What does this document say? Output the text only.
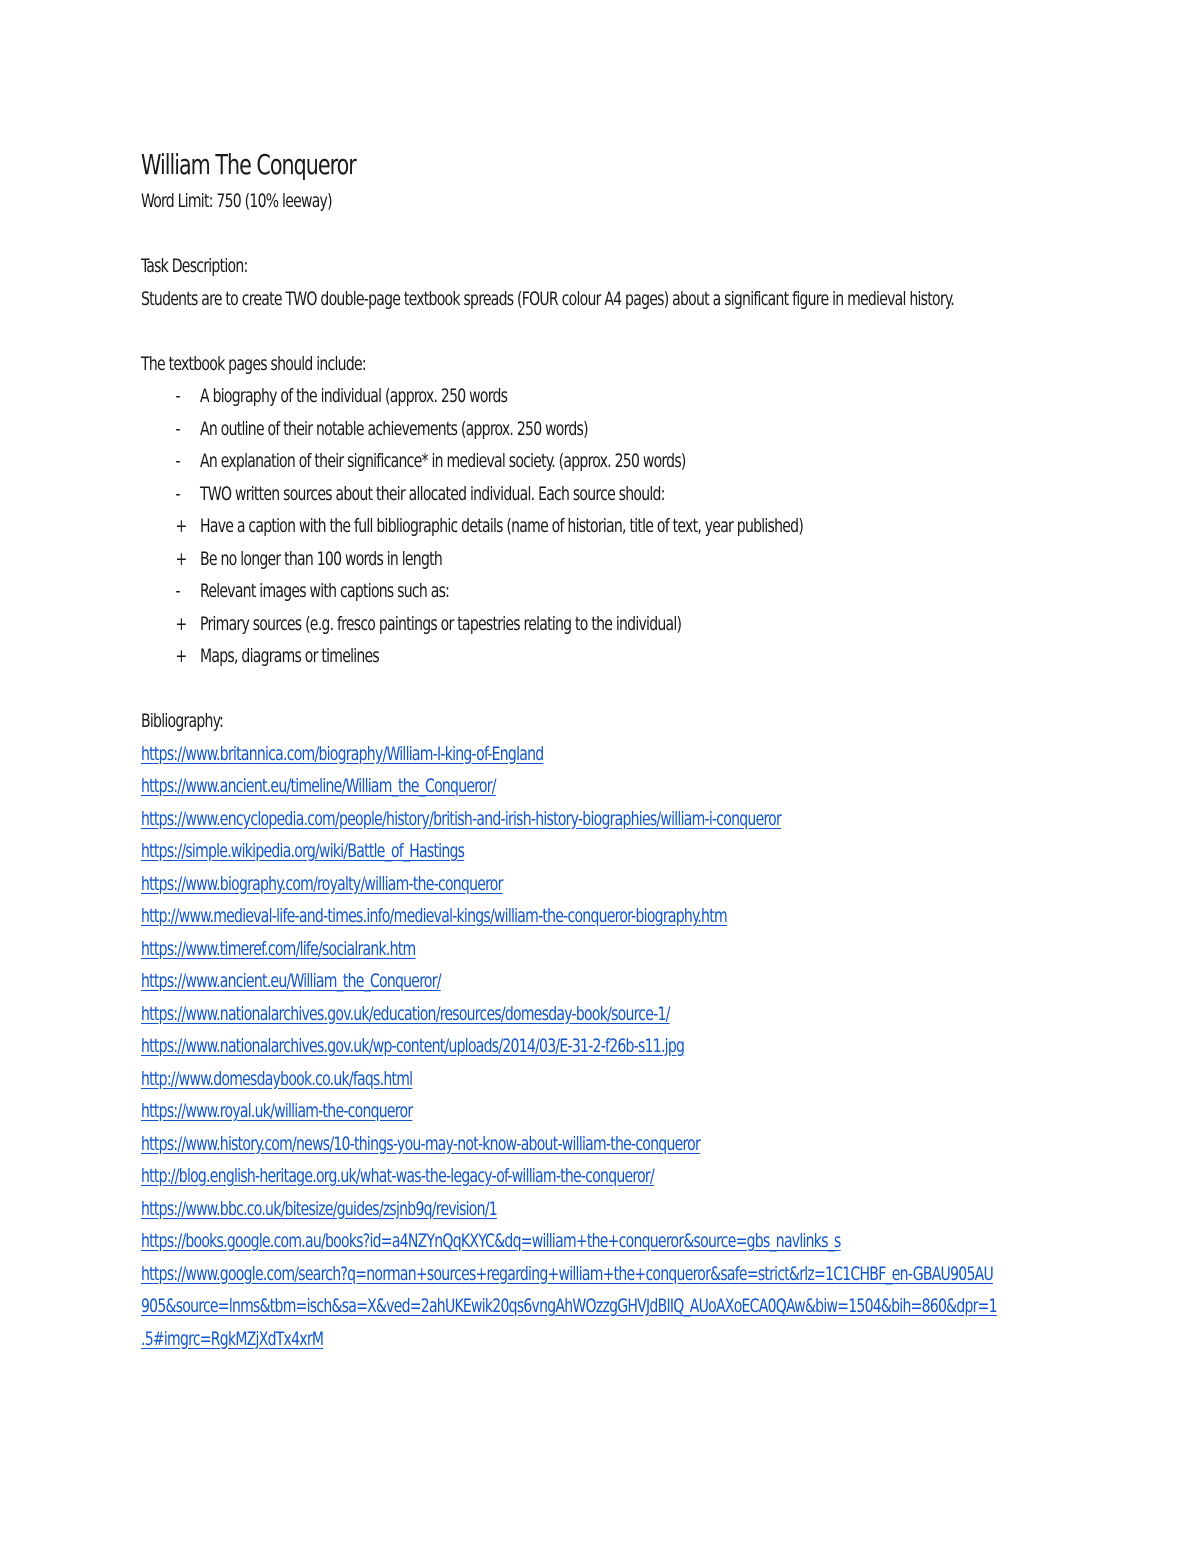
William The Conqueror
Word Limit: 750 (10% leeway)
Task Description:
Students are to create TWO double-page textbook spreads (FOUR colour A4 pages) about a significant figure in medieval history.
The textbook pages should include:
-	A biography of the individual (approx. 250 words
-	An outline of their notable achievements (approx. 250 words)
-	An explanation of their significance* in medieval society. (approx. 250 words)
-	TWO written sources about their allocated individual. Each source should:
+ Have a caption with the full bibliographic details (name of historian, title of text, year published)
+ Be no longer than 100 words in length
-	Relevant images with captions such as:
+ Primary sources (e.g. fresco paintings or tapestries relating to the individual)
+ Maps, diagrams or timelines
Bibliography:
https://www.britannica.com/biography/William-I-king-of-England
https://www.ancient.eu/timeline/William_the_Conqueror/
https://www.encyclopedia.com/people/history/british-and-irish-history-biographies/william-i-conqueror
https://simple.wikipedia.org/wiki/Battle_of_Hastings
https://www.biography.com/royalty/william-the-conqueror
http://www.medieval-life-and-times.info/medieval-kings/william-the-conqueror-biography.htm
https://www.timeref.com/life/socialrank.htm
https://www.ancient.eu/William_the_Conqueror/
https://www.nationalarchives.gov.uk/education/resources/domesday-book/source-1/
https://www.nationalarchives.gov.uk/wp-content/uploads/2014/03/E-31-2-f26b-s11.jpg
http://www.domesdaybook.co.uk/faqs.html
https://www.royal.uk/william-the-conqueror
https://www.history.com/news/10-things-you-may-not-know-about-william-the-conqueror
http://blog.english-heritage.org.uk/what-was-the-legacy-of-william-the-conqueror/
https://www.bbc.co.uk/bitesize/guides/zsjnb9q/revision/1
https://books.google.com.au/books?id=a4NZYnQqKXYC&dq=william+the+conqueror&source=gbs_navlinks_s
https://www.google.com/search?q=norman+sources+regarding+william+the+conqueror&safe=strict&rlz=1C1CHBF_en-GBAU905AU
905&source=lnms&tbm=isch&sa=X&ved=2ahUKEwik20qs6vngAhWOzzgGHVJdBIIQ_AUoAXoECA0QAw&biw=1504&bih=860&dpr=1
.5#imgrc=RgkMZjXdTx4xrM
